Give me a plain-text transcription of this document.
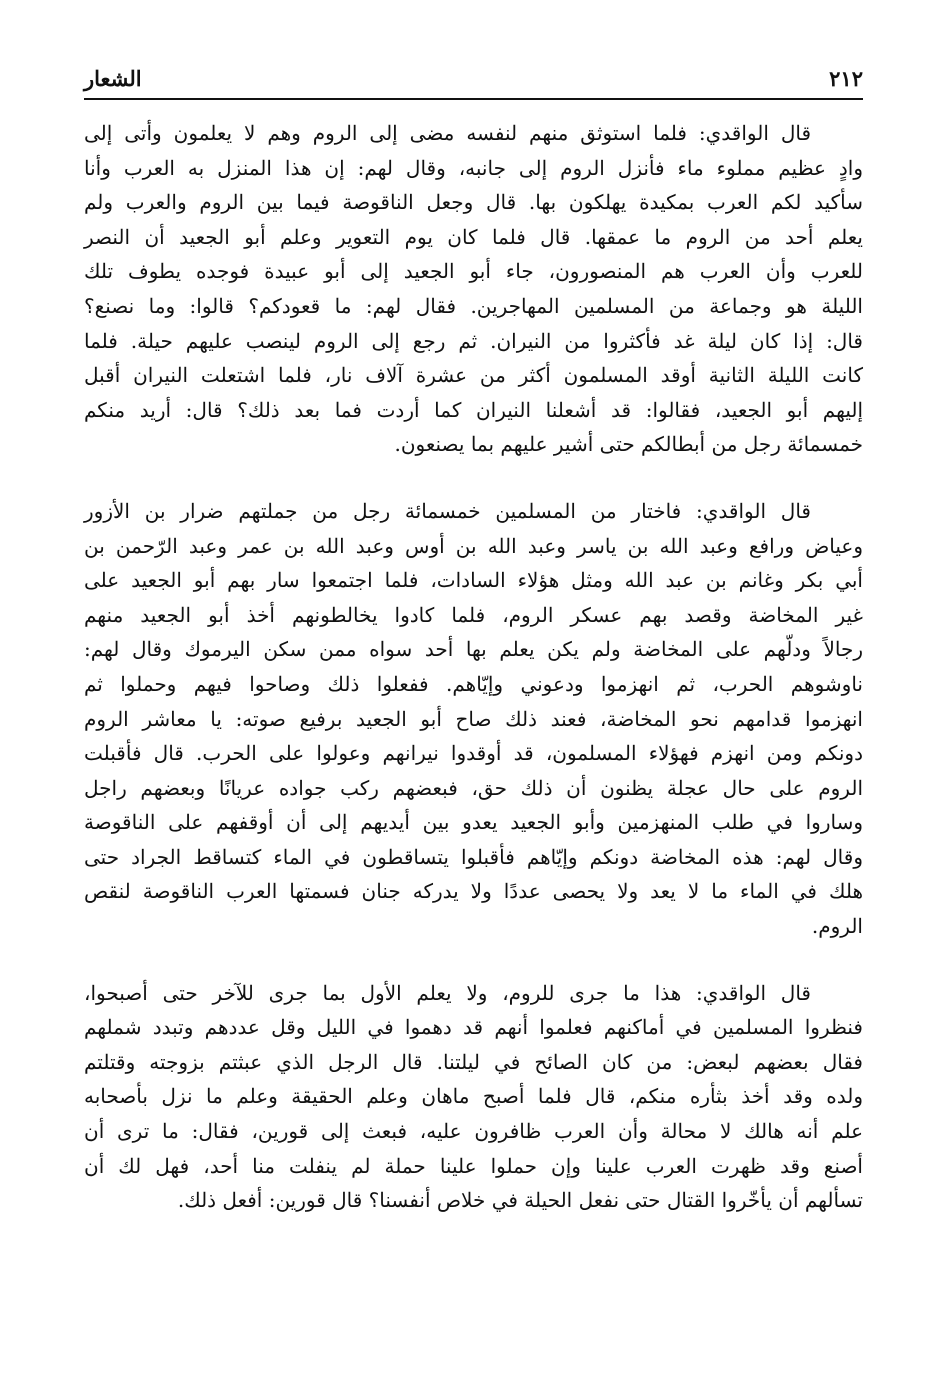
٢١٢
الشعار

قال الواقدي: فلما استوثق منهم لنفسه مضى إلى الروم وهم لا يعلمون وأتى إلى
وادٍ عظيم مملوء ماء فأنزل الروم إلى جانبه، وقال لهم: إن هذا المنزل به العرب وأنا
سأكيد لكم العرب بمكيدة يهلكون بها. قال وجعل الناقوصة فيما بين الروم والعرب ولم
يعلم أحد من الروم ما عمقها. قال فلما كان يوم التعوير وعلم أبو الجعيد أن النصر
للعرب وأن العرب هم المنصورون، جاء أبو الجعيد إلى أبو عبيدة فوجده يطوف تلك
الليلة هو وجماعة من المسلمين المهاجرين. فقال لهم: ما قعودكم؟ قالوا: وما نصنع؟
قال: إذا كان ليلة غد فأكثروا من النيران. ثم رجع إلى الروم لينصب عليهم حيلة. فلما
كانت الليلة الثانية أوقد المسلمون أكثر من عشرة آلاف نار، فلما اشتعلت النيران أقبل
إليهم أبو الجعيد، فقالوا: قد أشعلنا النيران كما أردت فما بعد ذلك؟ قال: أريد منكم
خمسمائة رجل من أبطالكم حتى أشير عليهم بما يصنعون.

قال الواقدي: فاختار من المسلمين خمسمائة رجل من جملتهم ضرار بن الأزور
وعياض ورافع وعبد الله بن ياسر وعبد الله بن أوس وعبد الله بن عمر وعبد الرّحمن بن
أبي بكر وغانم بن عبد الله ومثل هؤلاء السادات، فلما اجتمعوا سار بهم أبو الجعيد على
غير المخاضة وقصد بهم عسكر الروم، فلما كادوا يخالطونهم أخذ أبو الجعيد منهم
رجالاً ودلّهم على المخاضة ولم يكن يعلم بها أحد سواه ممن سكن اليرموك وقال لهم:
ناوشوهم الحرب، ثم انهزموا ودعوني وإيّاهم. ففعلوا ذلك وصاحوا فيهم وحملوا ثم
انهزموا قدامهم نحو المخاضة، فعند ذلك صاح أبو الجعيد برفيع صوته: يا معاشر الروم
دونكم ومن انهزم فهؤلاء المسلمون، قد أوقدوا نيرانهم وعولوا على الحرب. قال فأقبلت
الروم على حال عجلة يظنون أن ذلك حق، فبعضهم ركب جواده عريانًا وبعضهم راجل
وساروا في طلب المنهزمين وأبو الجعيد يعدو بين أيديهم إلى أن أوقفهم على الناقوصة
وقال لهم: هذه المخاضة دونكم وإيّاهم فأقبلوا يتساقطون في الماء كتساقط الجراد حتى
هلك في الماء ما لا يعد ولا يحصى عددًا ولا يدركه جنان فسمتها العرب الناقوصة لنقص
الروم.

قال الواقدي: هذا ما جرى للروم، ولا يعلم الأول بما جرى للآخر حتى أصبحوا،
فنظروا المسلمين في أماكنهم فعلموا أنهم قد دهموا في الليل وقل عددهم وتبدد شملهم
فقال بعضهم لبعض: من كان الصائح في ليلتنا. قال الرجل الذي عبثتم بزوجته وقتلتم
ولده وقد أخذ بثأره منكم، قال فلما أصبح ماهان وعلم الحقيقة وعلم ما نزل بأصحابه
علم أنه هالك لا محالة وأن العرب ظافرون عليه، فبعث إلى قورين، فقال: ما ترى أن
أصنع وقد ظهرت العرب علينا وإن حملوا علينا حملة لم ينفلت منا أحد، فهل لك أن
تسألهم أن يأخّروا القتال حتى نفعل الحيلة في خلاص أنفسنا؟ قال قورين: أفعل ذلك.
